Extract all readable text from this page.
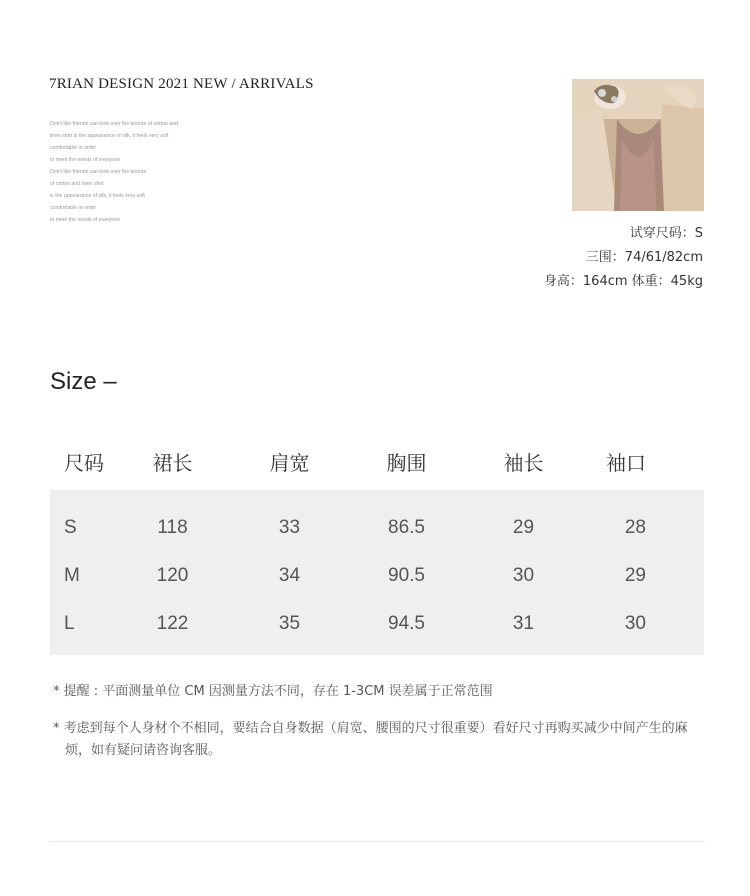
7RIAN DESIGN 2021 NEW / ARRIVALS
Don't like friends can look over the texture of cotton and
linen shirt is the appearance of silk, it feels very soft
comfortable in order
to meet the needs of everyone
Don't like friends can look over the texture
of cotton and linen shirt
is the appearance of silk, it feels very soft
comfortable in order
to meet the needs of everyone
试穿尺码：S
三围：74/61/82cm
身高：164cm 体重：45kg
Size –
尺码	裙长	肩宽	胸围	袖长	袖口
S	118	33	86.5	29	28
M	120	34	90.5	30	29
L	122	35	94.5	31	30
* 提醒 : 平面测量单位 CM 因测量方法不同，存在 1-3CM 误差属于正常范围
* 考虑到每个人身材个不相同，要结合自身数据（肩宽、腰围的尺寸很重要）看好尺寸再购买减少中间产生的麻烦，如有疑问请咨询客服。
